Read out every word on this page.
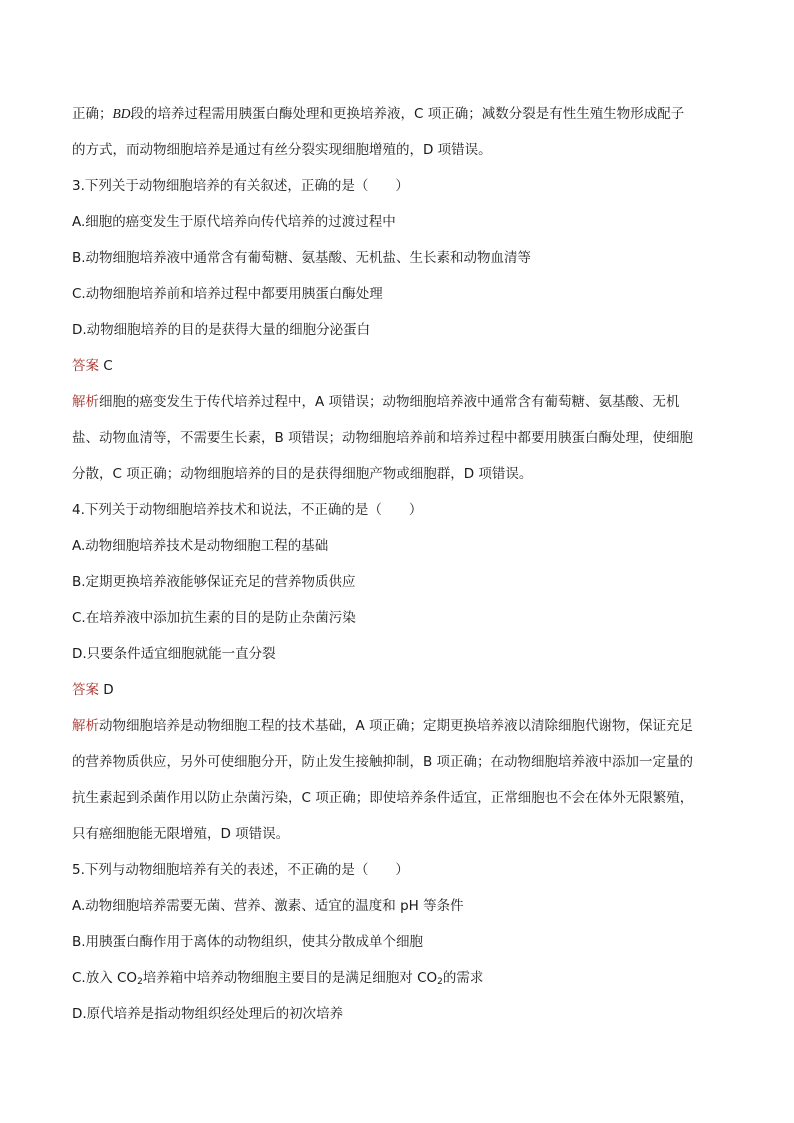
正确；BD段的培养过程需用胰蛋白酶处理和更换培养液，C 项正确；减数分裂是有性生殖生物形成配子
的方式，而动物细胞培养是通过有丝分裂实现细胞增殖的，D 项错误。
3.下列关于动物细胞培养的有关叙述，正确的是（　　）
A.细胞的癌变发生于原代培养向传代培养的过渡过程中
B.动物细胞培养液中通常含有葡萄糖、氨基酸、无机盐、生长素和动物血清等
C.动物细胞培养前和培养过程中都要用胰蛋白酶处理
D.动物细胞培养的目的是获得大量的细胞分泌蛋白
答案 C
解析细胞的癌变发生于传代培养过程中，A 项错误；动物细胞培养液中通常含有葡萄糖、氨基酸、无机
盐、动物血清等，不需要生长素，B 项错误；动物细胞培养前和培养过程中都要用胰蛋白酶处理，使细胞
分散，C 项正确；动物细胞培养的目的是获得细胞产物或细胞群，D 项错误。
4.下列关于动物细胞培养技术和说法，不正确的是（　　）
A.动物细胞培养技术是动物细胞工程的基础
B.定期更换培养液能够保证充足的营养物质供应
C.在培养液中添加抗生素的目的是防止杂菌污染
D.只要条件适宜细胞就能一直分裂
答案 D
解析动物细胞培养是动物细胞工程的技术基础，A 项正确；定期更换培养液以清除细胞代谢物，保证充足
的营养物质供应，另外可使细胞分开，防止发生接触抑制，B 项正确；在动物细胞培养液中添加一定量的
抗生素起到杀菌作用以防止杂菌污染，C 项正确；即使培养条件适宜，正常细胞也不会在体外无限繁殖，
只有癌细胞能无限增殖，D 项错误。
5.下列与动物细胞培养有关的表述，不正确的是（　　）
A.动物细胞培养需要无菌、营养、激素、适宜的温度和 pH 等条件
B.用胰蛋白酶作用于离体的动物组织，使其分散成单个细胞
C.放入 $CO_2$培养箱中培养动物细胞主要目的是满足细胞对 $CO_2$的需求
D.原代培养是指动物组织经处理后的初次培养
